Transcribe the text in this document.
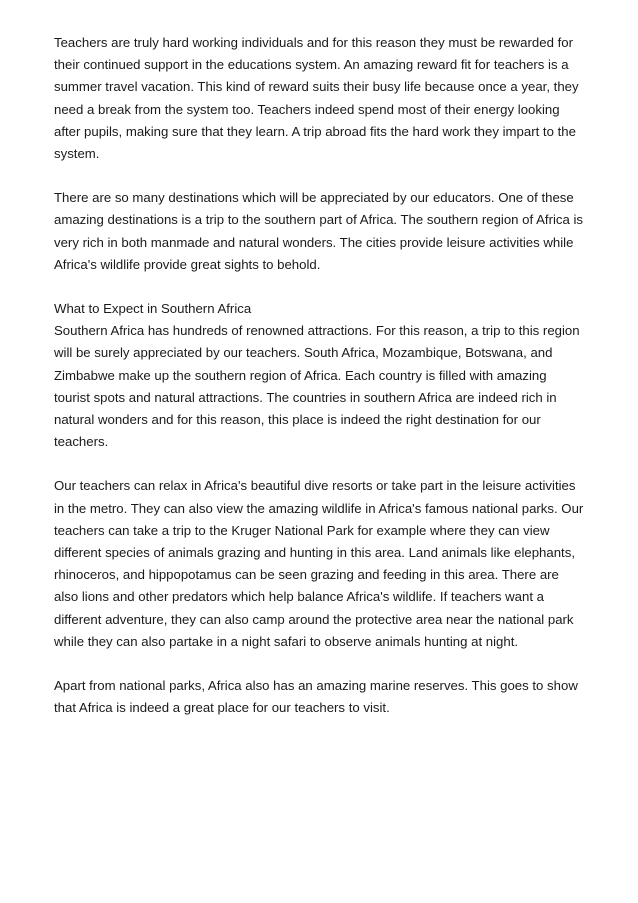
Teachers are truly hard working individuals and for this reason they must be rewarded for their continued support in the educations system. An amazing reward fit for teachers is a summer travel vacation. This kind of reward suits their busy life because once a year, they need a break from the system too. Teachers indeed spend most of their energy looking after pupils, making sure that they learn. A trip abroad fits the hard work they impart to the system.

There are so many destinations which will be appreciated by our educators. One of these amazing destinations is a trip to the southern part of Africa. The southern region of Africa is very rich in both manmade and natural wonders. The cities provide leisure activities while Africa's wildlife provide great sights to behold.

What to Expect in Southern Africa

Southern Africa has hundreds of renowned attractions. For this reason, a trip to this region will be surely appreciated by our teachers. South Africa, Mozambique, Botswana, and Zimbabwe make up the southern region of Africa. Each country is filled with amazing tourist spots and natural attractions. The countries in southern Africa are indeed rich in natural wonders and for this reason, this place is indeed the right destination for our teachers.

Our teachers can relax in Africa's beautiful dive resorts or take part in the leisure activities in the metro. They can also view the amazing wildlife in Africa's famous national parks. Our teachers can take a trip to the Kruger National Park for example where they can view different species of animals grazing and hunting in this area. Land animals like elephants, rhinoceros, and hippopotamus can be seen grazing and feeding in this area. There are also lions and other predators which help balance Africa's wildlife. If teachers want a different adventure, they can also camp around the protective area near the national park while they can also partake in a night safari to observe animals hunting at night.

Apart from national parks, Africa also has an amazing marine reserves. This goes to show that Africa is indeed a great place for our teachers to visit.
